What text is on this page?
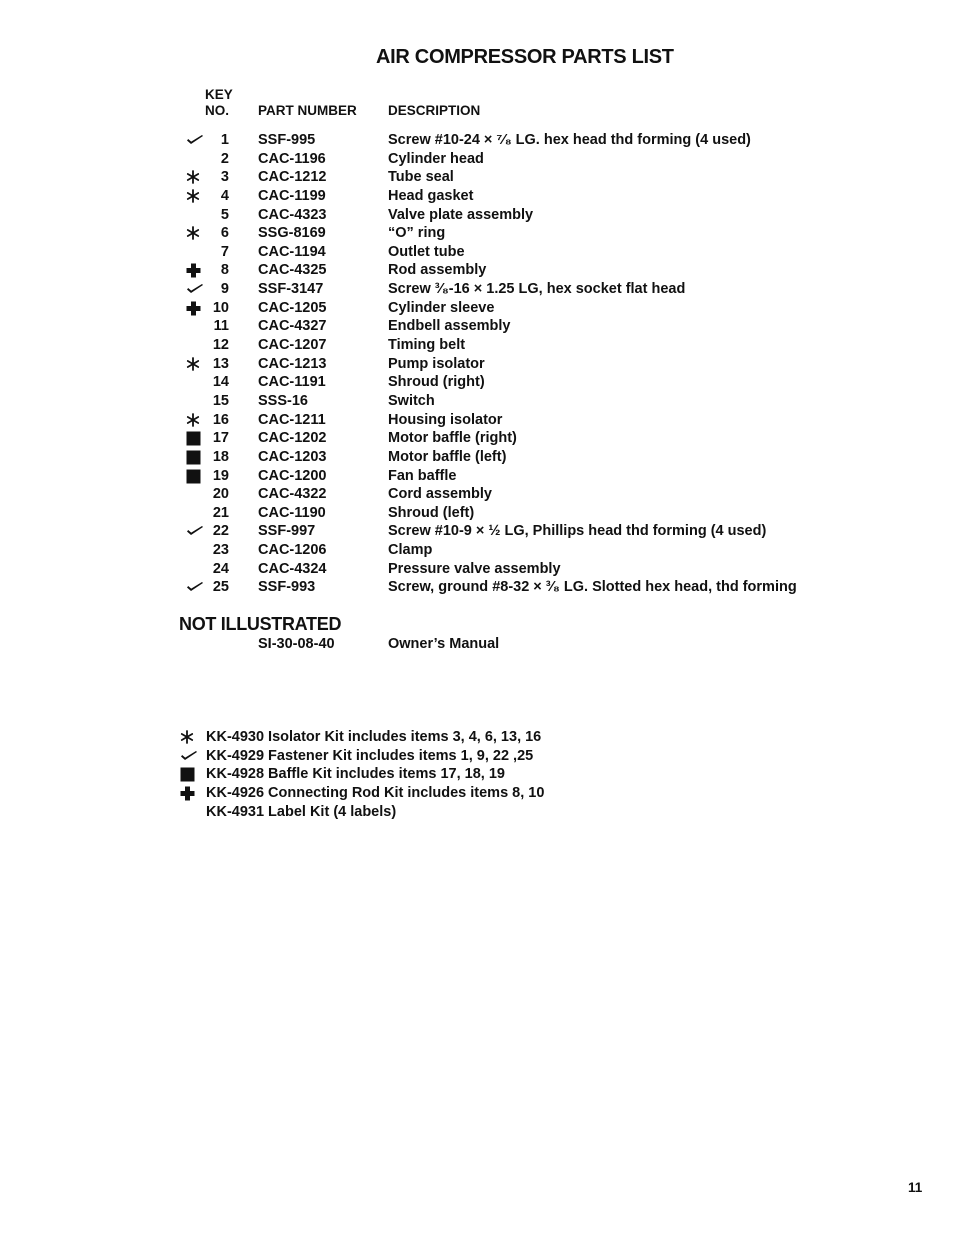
AIR COMPRESSOR PARTS LIST
KEY
NO. PART NUMBER DESCRIPTION
1 SSF-995	Screw #10-24 × ⁷⁄₈ LG. hex head thd forming (4 used)
2 CAC-1196	Cylinder head
3 CAC-1212	Tube seal
4 CAC-1199	Head gasket
5 CAC-4323	Valve plate assembly
6 SSG-8169	“O” ring
7 CAC-1194	Outlet tube
8 CAC-4325	Rod assembly
9 SSF-3147	Screw ³⁄₈-16 × 1.25 LG, hex socket flat head
10 CAC-1205	Cylinder sleeve
11 CAC-4327	Endbell assembly
12 CAC-1207	Timing belt
13 CAC-1213	Pump isolator
14 CAC-1191	Shroud (right)
15 SSS-16	Switch
16 CAC-1211	Housing isolator
17 CAC-1202	Motor baffle (right)
18 CAC-1203	Motor baffle (left)
19 CAC-1200	Fan baffle
20 CAC-4322	Cord assembly
21 CAC-1190	Shroud (left)
22 SSF-997	Screw #10-9 × ½ LG, Phillips head thd forming (4 used)
23 CAC-1206	Clamp
24 CAC-4324	Pressure valve assembly
25 SSF-993	Screw, ground #8-32 × ³⁄₈ LG. Slotted hex head, thd forming
NOT ILLUSTRATED
SI-30-08-40	Owner’s Manual
KK-4930 Isolator Kit includes items 3, 4, 6, 13, 16
KK-4929 Fastener Kit includes items 1, 9, 22 ,25
KK-4928 Baffle Kit includes items 17, 18, 19
KK-4926 Connecting Rod Kit includes items 8, 10
KK-4931 Label Kit (4 labels)
11
